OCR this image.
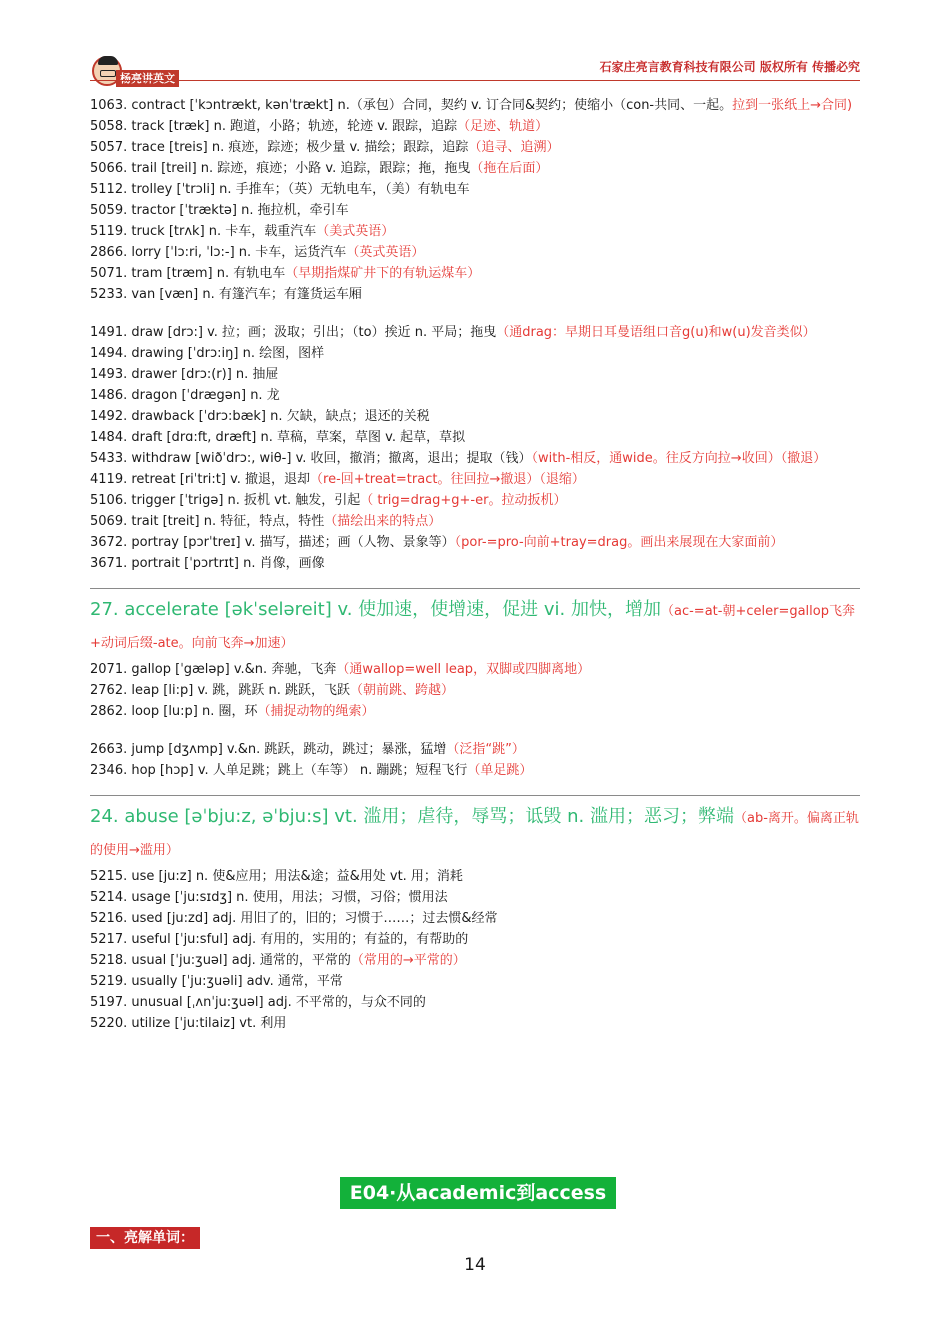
杨亮讲英文
石家庄亮言教育科技有限公司 版权所有 传播必究
1063. contract [ˈkɔntrækt, kənˈtrækt] n.（承包）合同，契约 v. 订合同&契约；使缩小（con-共同、一起。拉到一张纸上→合同)
5058. track [træk] n. 跑道，小路；轨迹，轮迹 v. 跟踪，追踪（足迹、轨道）
5057. trace [treis] n. 痕迹，踪迹；极少量 v. 描绘；跟踪，追踪（追寻、追溯）
5066. trail [treil] n. 踪迹，痕迹；小路 v. 追踪，跟踪；拖，拖曳（拖在后面）
5112. trolley [ˈtrɔli] n. 手推车；（英）无轨电车，（美）有轨电车
5059. tractor [ˈtræktə] n. 拖拉机，牵引车
5119. truck [trʌk] n. 卡车，载重汽车（美式英语）
2866. lorry [ˈlɔ:ri, ˈlɔ:-] n. 卡车，运货汽车（英式英语）
5071. tram [træm] n. 有轨电车（早期指煤矿井下的有轨运煤车）
5233. van [væn] n. 有篷汽车；有篷货运车厢
1491. draw [drɔ:] v. 拉；画；汲取；引出；（to）挨近 n. 平局；拖曳（通drag：早期日耳曼语组口音g(u)和w(u)发音类似）
1494. drawing [ˈdrɔ:iŋ] n. 绘图，图样
1493. drawer [drɔ:(r)] n. 抽屉
1486. dragon [ˈdrægən] n. 龙
1492. drawback [ˈdrɔ:bæk] n. 欠缺，缺点；退还的关税
1484. draft [drɑ:ft, dræft] n. 草稿，草案，草图 v. 起草，草拟
5433. withdraw [wiðˈdrɔ:, wiθ-] v. 收回，撤消；撤离，退出；提取（钱）（with-相反，通wide。往反方向拉→收回）（撤退）
4119. retreat [riˈtri:t] v. 撤退，退却（re-回+treat=tract。往回拉→撤退）（退缩）
5106. trigger [ˈtrigə] n. 扳机 vt. 触发，引起（ trig=drag+g+-er。拉动扳机）
5069. trait [treit] n. 特征，特点，特性（描绘出来的特点）
3672. portray [pɔrˈtreɪ] v. 描写，描述；画（人物、景象等）（por-=pro-向前+tray=drag。画出来展现在大家面前）
3671. portrait [ˈpɔrtrɪt] n. 肖像，画像
27. accelerate [əkˈseləreit] v. 使加速，使增速，促进 vi. 加快，增加（ac-=at-朝+celer=gallop飞奔+动词后缀-ate。向前飞奔→加速）
2071. gallop [ˈgæləp] v.&n. 奔驰，飞奔（通wallop=well leap，双脚或四脚离地）
2762. leap [li:p] v. 跳，跳跃 n. 跳跃，飞跃（朝前跳、跨越）
2862. loop [lu:p] n. 圈，环（捕捉动物的绳索）
2663. jump [dʒʌmp] v.&n. 跳跃，跳动，跳过；暴涨，猛增（泛指“跳”）
2346. hop [hɔp] v. 人单足跳；跳上（车等） n. 蹦跳；短程飞行（单足跳）
24. abuse [əˈbju:z, əˈbju:s] vt. 滥用；虐待，辱骂；诋毁 n. 滥用；恶习；弊端（ab-离开。偏离正轨的使用→滥用）
5215. use [ju:z] n. 使&应用；用法&途；益&用处 vt. 用；消耗
5214. usage [ˈju:sɪdʒ] n. 使用，用法；习惯，习俗；惯用法
5216. used [ju:zd] adj. 用旧了的，旧的；习惯于……；过去惯&经常
5217. useful [ˈju:sful] adj. 有用的，实用的；有益的，有帮助的
5218. usual [ˈju:ʒuəl] adj. 通常的，平常的（常用的→平常的）
5219. usually [ˈju:ʒuəli] adv. 通常，平常
5197. unusual [ˌʌnˈju:ʒuəl] adj. 不平常的，与众不同的
5220. utilize [ˈju:tilaiz] vt. 利用
E04·从academic到access
一、亮解单词：
14
